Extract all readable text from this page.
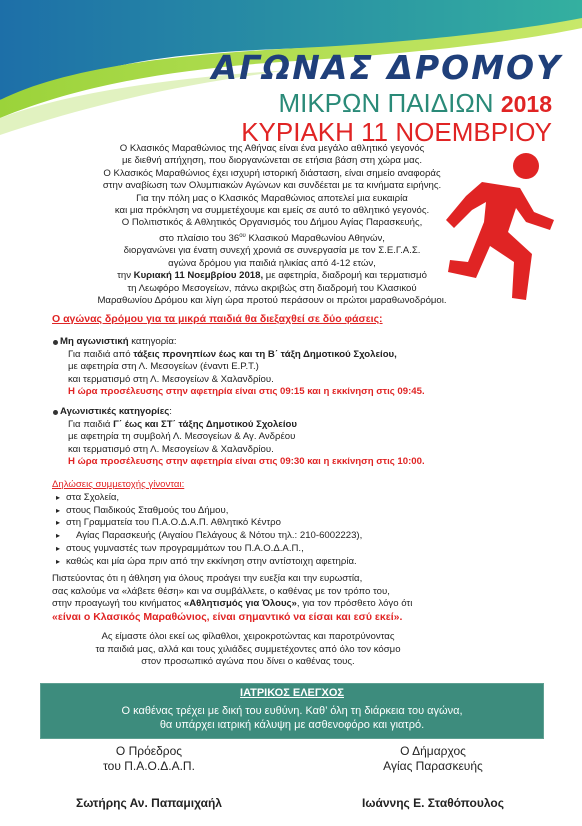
ΑΓΩΝΑΣ ΔΡΟΜΟΥ
ΜΙΚΡΩΝ ΠΑΙΔΙΩΝ 2018
ΚΥΡΙΑΚΗ 11 ΝΟΕΜΒΡΙΟΥ

Ο Κλασικός Μαραθώνιος της Αθήνας είναι ένα μεγάλο αθλητικό γεγονός

με διεθνή απήχηση, που διοργανώνεται σε ετήσια βάση στη χώρα μας.

Ο Κλασικός Μαραθώνιος έχει ισχυρή ιστορική διάσταση, είναι σημείο αναφοράς

στην αναβίωση των Ολυμπιακών Αγώνων και συνδέεται με τα κινήματα ειρήνης.

Για την πόλη μας ο Κλασικός Μαραθώνιος αποτελεί μια ευκαιρία

και μια πρόκληση να συμμετέχουμε και εμείς σε αυτό το αθλητικό γεγονός.

Ο Πολιτιστικός & Αθλητικός Οργανισμός του Δήμου Αγίας Παρασκευής,

στο πλαίσιο του $36^{o\upsilon}$ Κλασικού Μαραθωνίου Αθηνών,

διοργανώνει για ένατη συνεχή χρονιά σε συνεργασία με τον Σ.Ε.Γ.Α.Σ.

αγώνα δρόμου για παιδιά ηλικίας από 4-12 ετών,

την Κυριακή 11 Νοεμβρίου 2018, με αφετηρία, διαδρομή και τερματισμό

τη Λεωφόρο Μεσογείων, πάνω ακριβώς στη διαδρομή του Κλασικού

Μαραθωνίου Δρόμου και λίγη ώρα προτού περάσουν οι πρώτοι μαραθωνοδρόμοι.

Ο αγώνας δρόμου για τα μικρά παιδιά θα διεξαχθεί σε δύο φάσεις:
Μη αγωνιστική κατηγορία:
Για παιδιά από τάξεις προνηπίων έως και τη Β΄ τάξη Δημοτικού Σχολείου,
με αφετηρία στη Λ. Μεσογείων (έναντι Ε.Ρ.Τ.)
και τερματισμό στη Λ. Μεσογείων & Χαλανδρίου.
Η ώρα προσέλευσης στην αφετηρία είναι στις 09:15 και η εκκίνηση στις 09:45.
Αγωνιστικές κατηγορίες:
Για παιδιά Γ΄ έως και ΣΤ΄ τάξης Δημοτικού Σχολείου
με αφετηρία τη συμβολή Λ. Μεσογείων & Αγ. Ανδρέου
και τερματισμό στη Λ. Μεσογείων & Χαλανδρίου.
Η ώρα προσέλευσης στην αφετηρία είναι στις 09:30 και η εκκίνηση στις 10:00.
Δηλώσεις συμμετοχής γίνονται:
▸ στα Σχολεία,
▸ στους Παιδικούς Σταθμούς του Δήμου,
▸ στη Γραμματεία του Π.Α.Ο.Δ.Α.Π. Αθλητικό Κέντρο
▸ Αγίας Παρασκευής (Αιγαίου Πελάγους & Νότου τηλ.: 210-6002223),
▸ στους γυμναστές των προγραμμάτων του Π.Α.Ο.Δ.Α.Π.,
▸ καθώς και μία ώρα πριν από την εκκίνηση στην αντίστοιχη αφετηρία.

Πιστεύοντας ότι η άθληση για όλους προάγει την ευεξία και την ευρωστία,

σας καλούμε να «λάβετε θέση» και να συμβάλλετε, ο καθένας με τον τρόπο του,

στην προαγωγή του κινήματος «Αθλητισμός για Όλους», για τον πρόσθετο λόγο ότι

«είναι ο Κλασικός Μαραθώνιος, είναι σημαντικό να είσαι και εσύ εκεί».

Ας είμαστε όλοι εκεί ως φίλαθλοι, χειροκροτώντας και παροτρύνοντας
τα παιδιά μας, αλλά και τους χιλιάδες συμμετέχοντες από όλο τον κόσμο
στον προσωπικό αγώνα που δίνει ο καθένας τους.
ΙΑΤΡΙΚΟΣ ΕΛΕΓΧΟΣ
Ο καθένας τρέχει με δική του ευθύνη. Καθ’ όλη τη διάρκεια του αγώνα,
θα υπάρχει ιατρική κάλυψη με ασθενοφόρο και γιατρό.
Ο Πρόεδρος
του Π.Α.Ο.Δ.Α.Π.
Σωτήρης Αν. Παπαμιχαήλ
Ο Δήμαρχος
Αγίας Παρασκευής
Ιωάννης Ε. Σταθόπουλος
